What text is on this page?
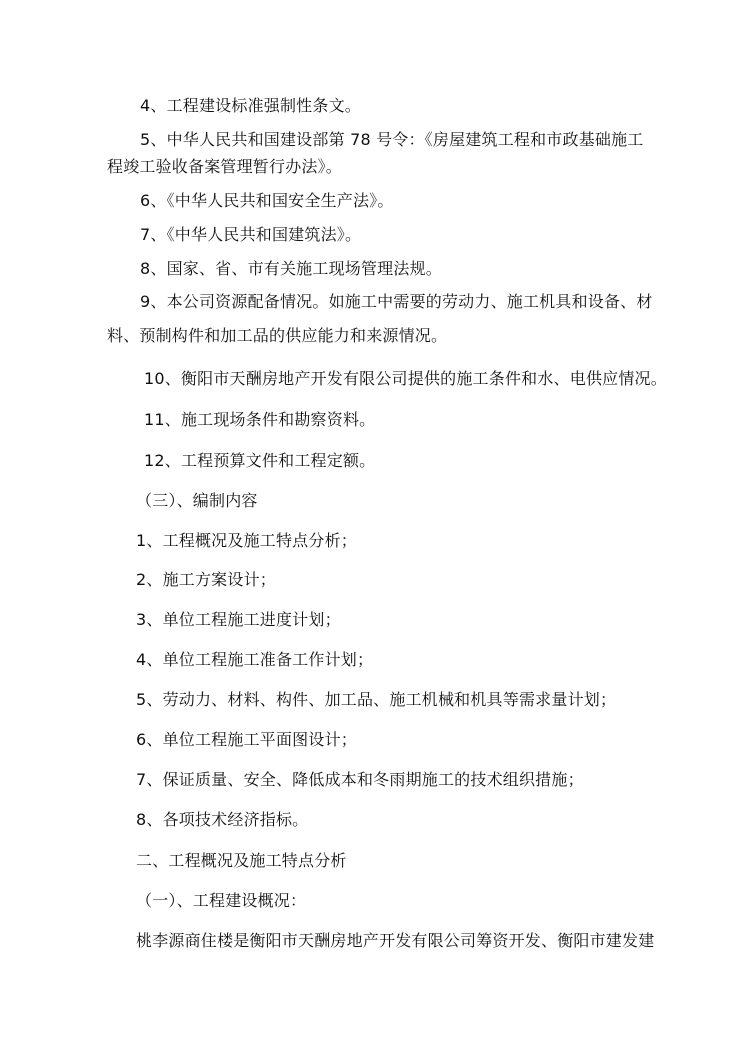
4、工程建设标准强制性条文。
5、中华人民共和国建设部第 78 号令：《房屋建筑工程和市政基础施工
程竣工验收备案管理暂行办法》。
6、《中华人民共和国安全生产法》。
7、《中华人民共和国建筑法》。
8、国家、省、市有关施工现场管理法规。
9、本公司资源配备情况。如施工中需要的劳动力、施工机具和设备、材
料、预制构件和加工品的供应能力和来源情况。
10、衡阳市天酬房地产开发有限公司提供的施工条件和水、电供应情况。
11、施工现场条件和勘察资料。
12、工程预算文件和工程定额。
（三）、编制内容
1、工程概况及施工特点分析；
2、施工方案设计；
3、单位工程施工进度计划；
4、单位工程施工准备工作计划；
5、劳动力、材料、构件、加工品、施工机械和机具等需求量计划；
6、单位工程施工平面图设计；
7、保证质量、安全、降低成本和冬雨期施工的技术组织措施；
8、各项技术经济指标。
二、工程概况及施工特点分析
（一）、工程建设概况：
桃李源商住楼是衡阳市天酬房地产开发有限公司筹资开发、衡阳市建发建
